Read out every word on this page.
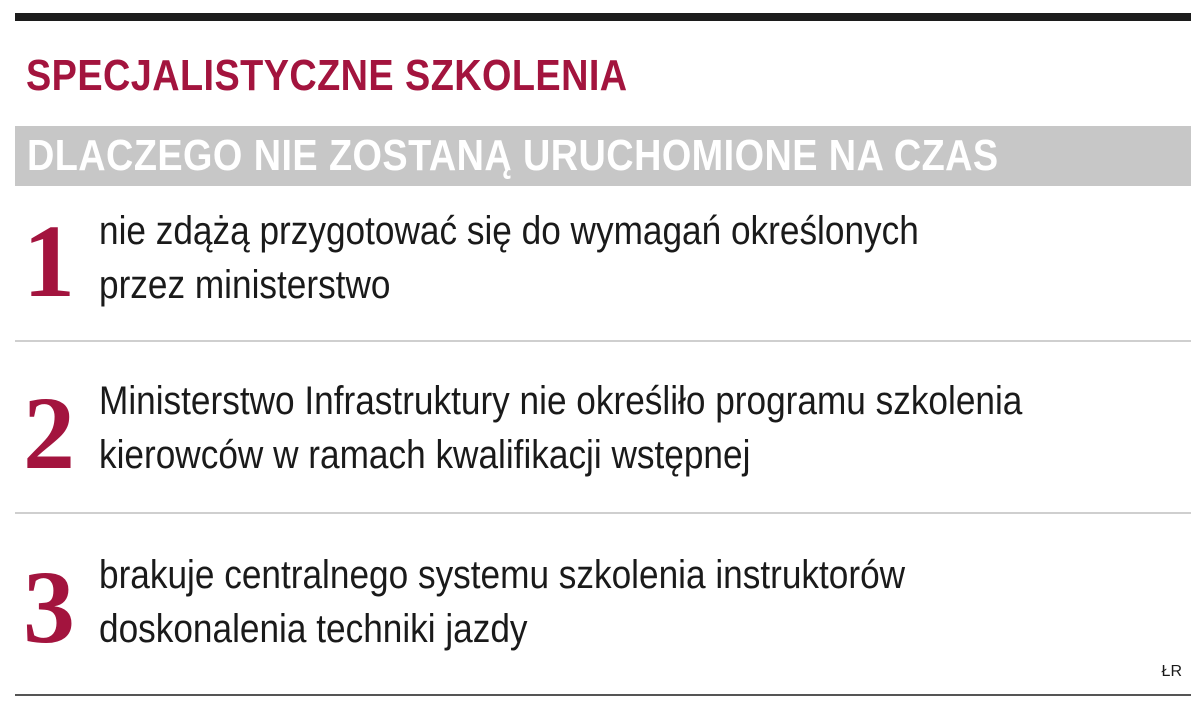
SPECJALISTYCZNE SZKOLENIA
DLACZEGO NIE ZOSTANĄ URUCHOMIONE NA CZAS
1 nie zdążą przygotować się do wymagań określonych
przez ministerstwo
2 Ministerstwo Infrastruktury nie określiło programu szkolenia
kierowców w ramach kwalifikacji wstępnej
3 brakuje centralnego systemu szkolenia instruktorów
doskonalenia techniki jazdy
ŁR
